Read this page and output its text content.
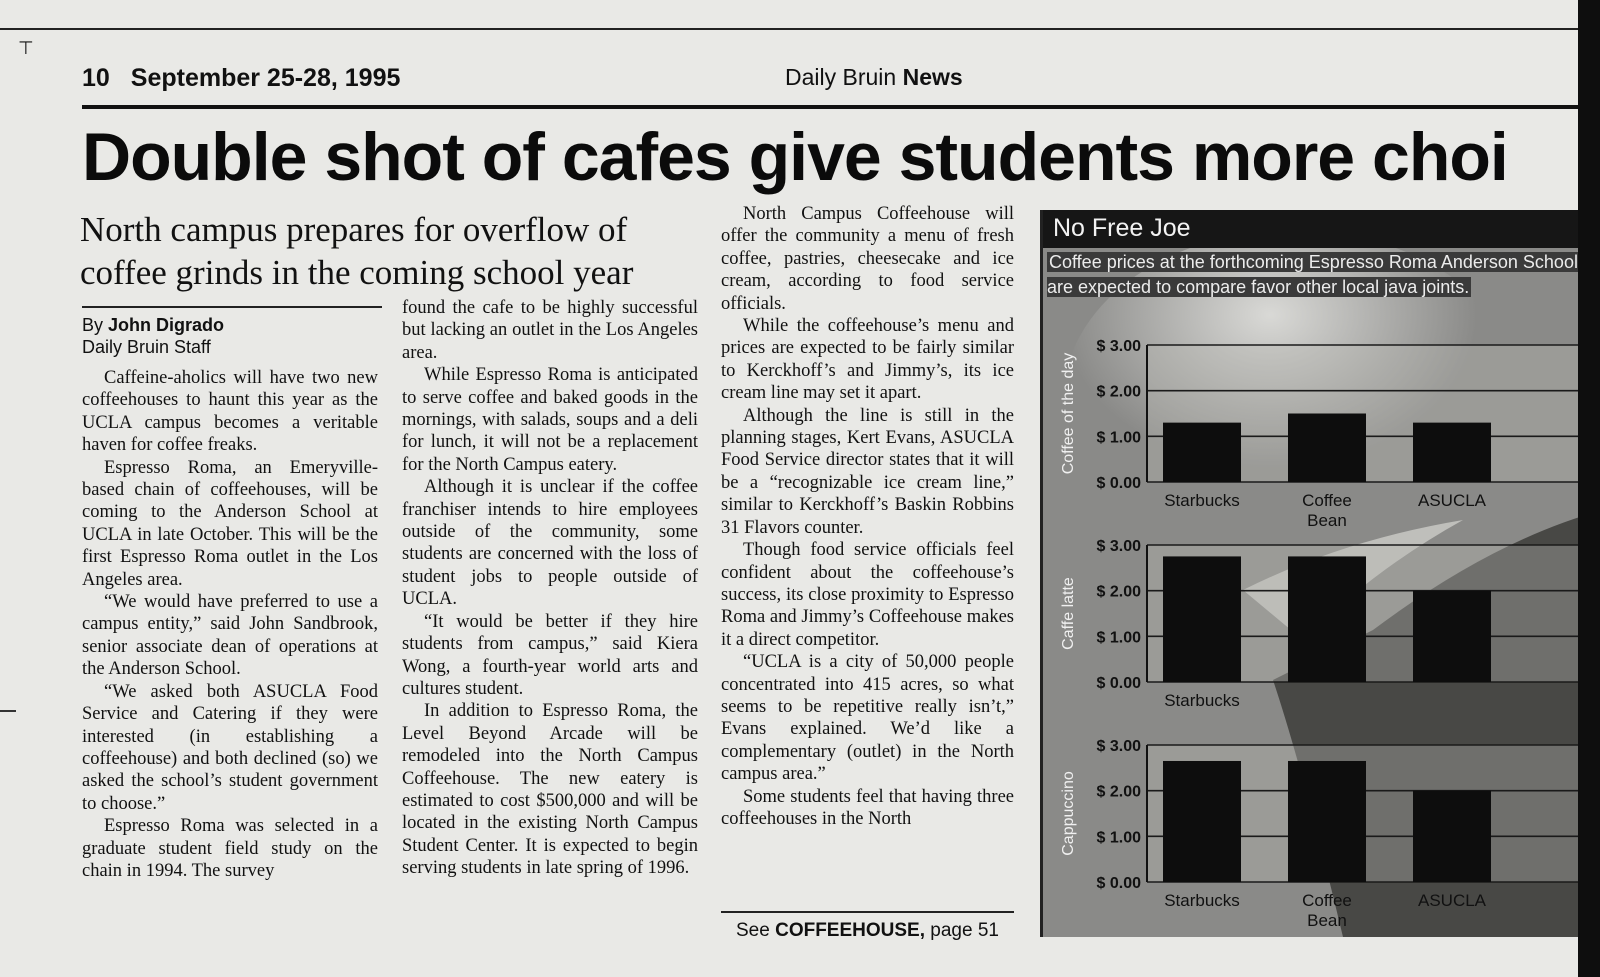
⊤
10 September 25-28, 1995	Daily Bruin News
Double shot of cafes give students more choi
North campus prepares for overflow of coffee grinds in the coming school year
By John Digrado
Daily Bruin Staff

Caffeine-aholics will have two new coffeehouses to haunt this year as the UCLA campus becomes a veritable haven for coffee freaks.

Espresso Roma, an Emeryville-based chain of coffeehouses, will be coming to the Anderson School at UCLA in late October. This will be the first Espresso Roma outlet in the Los Angeles area.

“We would have preferred to use a campus entity,” said John Sandbrook, senior associate dean of operations at the Anderson School.

“We asked both ASUCLA Food Service and Catering if they were interested (in establishing a coffeehouse) and both declined (so) we asked the school’s student government to choose.”

Espresso Roma was selected in a graduate student field study on the chain in 1994. The survey

found the cafe to be highly successful but lacking an outlet in the Los Angeles area.

While Espresso Roma is anticipated to serve coffee and baked goods in the mornings, with salads, soups and a deli for lunch, it will not be a replacement for the North Campus eatery.

Although it is unclear if the coffee franchiser intends to hire employees outside of the community, some students are concerned with the loss of student jobs to people outside of UCLA.

“It would be better if they hire students from campus,” said Kiera Wong, a fourth-year world arts and cultures student.

In addition to Espresso Roma, the Level Beyond Arcade will be remodeled into the North Campus Coffeehouse. The new eatery is estimated to cost $500,000 and will be located in the existing North Campus Student Center. It is expected to begin serving students in late spring of 1996.

North Campus Coffeehouse will offer the community a menu of fresh coffee, pastries, cheesecake and ice cream, according to food service officials.

While the coffeehouse’s menu and prices are expected to be fairly similar to Kerckhoff’s and Jimmy’s, its ice cream line may set it apart.

Although the line is still in the planning stages, Kert Evans, ASUCLA Food Service director states that it will be a “recognizable ice cream line,” similar to Kerckhoff’s Baskin Robbins 31 Flavors counter.

Though food service officials feel confident about the coffeehouse’s success, its close proximity to Espresso Roma and Jimmy’s Coffeehouse makes it a direct competitor.

“UCLA is a city of 50,000 people concentrated into 415 acres, so what seems to be repetitive really isn’t,” Evans explained. We’d like a complementary (outlet) in the North campus area.”

Some students feel that having three coffeehouses in the North

See COFFEEHOUSE, page 51
No Free Joe
Coffee prices at the forthcoming Espresso Roma Anderson School are expected to compare favor other local java joints.
$ 0.00
$ 1.00
$ 2.00
$ 3.00
Coffee of the day
Starbucks	Coffee
Bean
ASUCLA
$ 0.00
$ 1.00
$ 2.00
$ 3.00
Caffe latte
Starbucks
$ 0.00
$ 1.00
$ 2.00
$ 3.00
Cappuccino
Starbucks	Coffee
Bean
ASUCLA
